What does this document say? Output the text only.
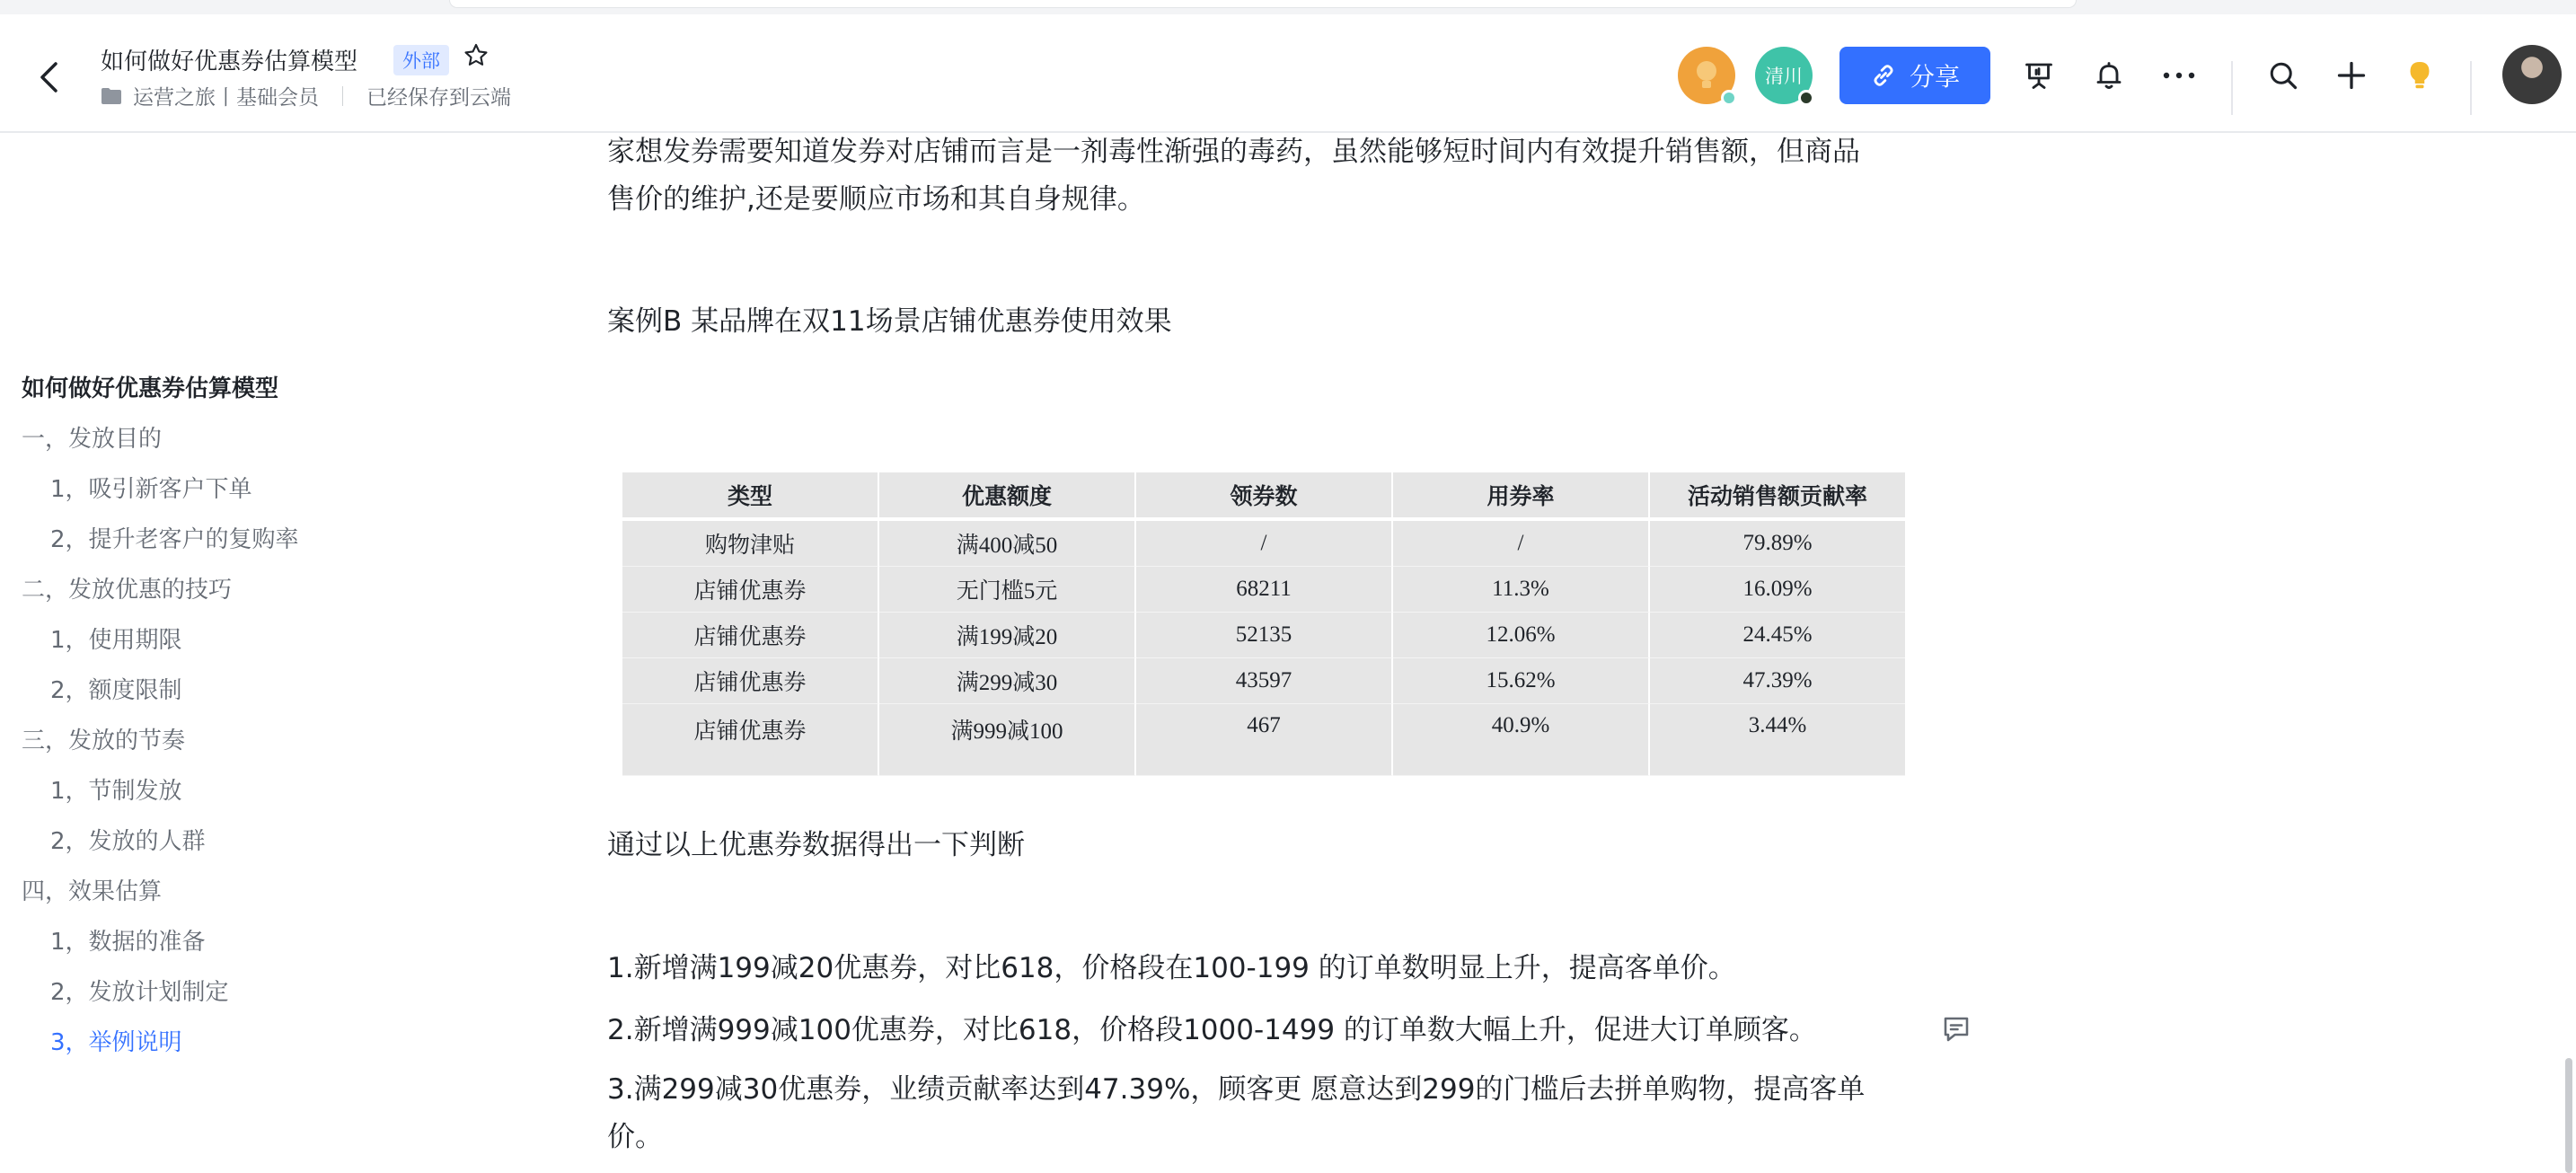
如何做好优惠券估算模型	外部
运营之旅丨基础会员 已经保存到云端
清川	分享
如何做好优惠券估算模型
一，发放目的
1，吸引新客户下单
2，提升老客户的复购率
二，发放优惠的技巧
1，使用期限
2，额度限制
三，发放的节奏
1，节制发放
2，发放的人群
四，效果估算
1，数据的准备
2，发放计划制定
3，举例说明
家想发券需要知道发券对店铺而言是一剂毒性渐强的毒药，虽然能够短时间内有效提升销售额，但商品
售价的维护,还是要顺应市场和其自身规律。
案例B 某品牌在双11场景店铺优惠券使用效果
类型	优惠额度	领券数	用券率	活动销售额贡献率
购物津贴	满400减50	/	/	79.89%
店铺优惠券	无门槛5元	68211	11.3%	16.09%
店铺优惠券	满199减20	52135	12.06%	24.45%
店铺优惠券	满299减30	43597	15.62%	47.39%
店铺优惠券	满999减100	467	40.9%	3.44%
通过以上优惠券数据得出一下判断
1.新增满199减20优惠券，对比618，价格段在100-199 的订单数明显上升，提高客单价。
2.新增满999减100优惠券，对比618，价格段1000-1499 的订单数大幅上升，促进大订单顾客。
3.满299减30优惠券，业绩贡献率达到47.39%，顾客更 愿意达到299的门槛后去拼单购物，提高客单
价。
